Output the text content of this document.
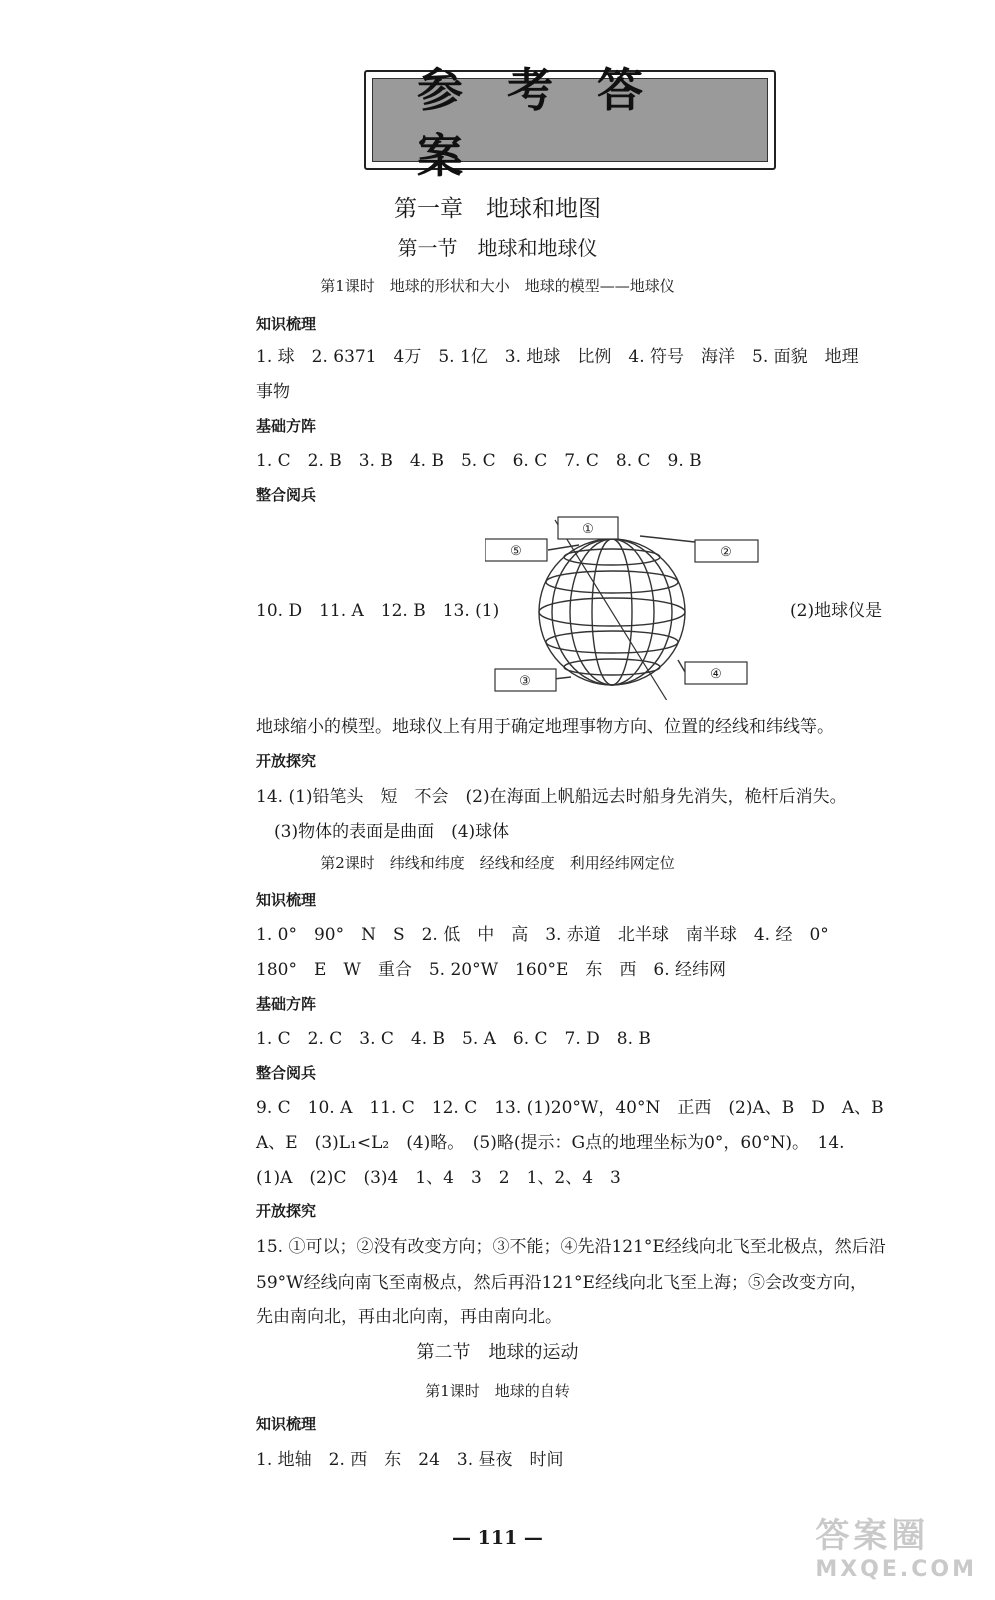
参考答案
第一章　地球和地图
第一节　地球和地球仪
第1课时　地球的形状和大小　地球的模型——地球仪
知识梳理
1. 球　2. 6371　4万　5. 1亿　3. 地球　比例　4. 符号　海洋　5. 面貌　地理
事物
基础方阵
1. C　2. B　3. B　4. B　5. C　6. C　7. C　8. C　9. B
整合阅兵
10. D　11. A　12. B　13. (1)	(2)地球仪是
①
②
③	④
⑤
地球缩小的模型。地球仪上有用于确定地理事物方向、位置的经线和纬线等。
开放探究
14. (1)铅笔头　短　不会　(2)在海面上帆船远去时船身先消失，桅杆后消失。
(3)物体的表面是曲面　(4)球体
第2课时　纬线和纬度　经线和经度　利用经纬网定位
知识梳理
1. 0°　90°　N　S　2. 低　中　高　3. 赤道　北半球　南半球　4. 经　0°
180°　E　W　重合　5. 20°W　160°E　东　西　6. 经纬网
基础方阵
1. C　2. C　3. C　4. B　5. A　6. C　7. D　8. B
整合阅兵
9. C　10. A　11. C　12. C　13. (1)20°W，40°N　正西　(2)A、B　D　A、B
A、E　(3)L₁<L₂　(4)略。　(5)略(提示：G点的地理坐标为0°，60°N)。　14.
(1)A　(2)C　(3)4　1、4　3　2　1、2、4　3
开放探究
15. ①可以；②没有改变方向；③不能；④先沿121°E经线向北飞至北极点，然后沿
59°W经线向南飞至南极点，然后再沿121°E经线向北飞至上海；⑤会改变方向，
先由南向北，再由北向南，再由南向北。
第二节　地球的运动
第1课时　地球的自转
知识梳理
1. 地轴　2. 西　东　24　3. 昼夜　时间
— 111 —	答案圈
MXQE.COM
